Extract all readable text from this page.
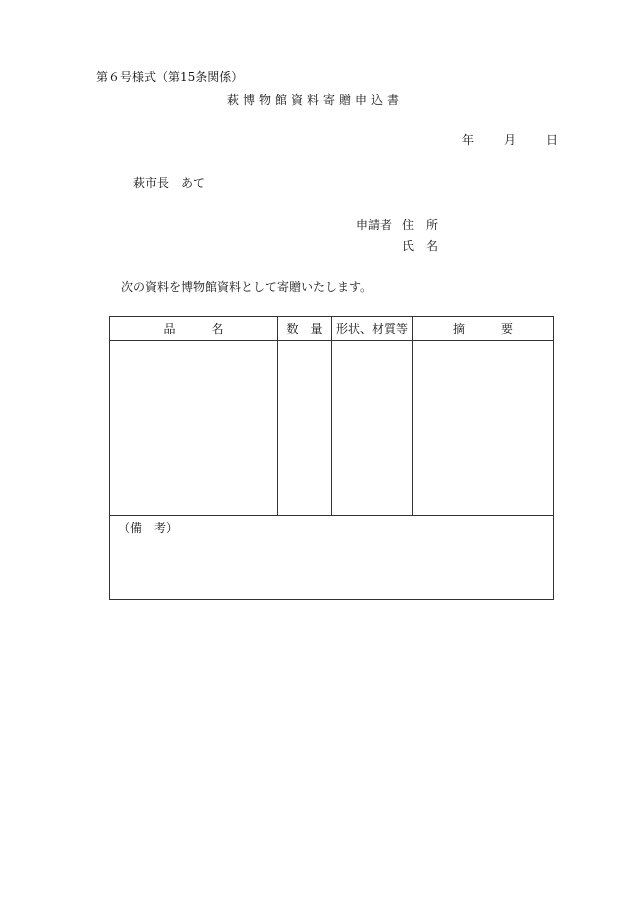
第６号様式（第15条関係）
萩博物館資料寄贈申込書
年	月	日
萩市長　あて
申請者 住　所
氏　名
次の資料を博物館資料として寄贈いたします。
品　　　名	数　量	形状、材質等	摘　　　要

（備　考）			
